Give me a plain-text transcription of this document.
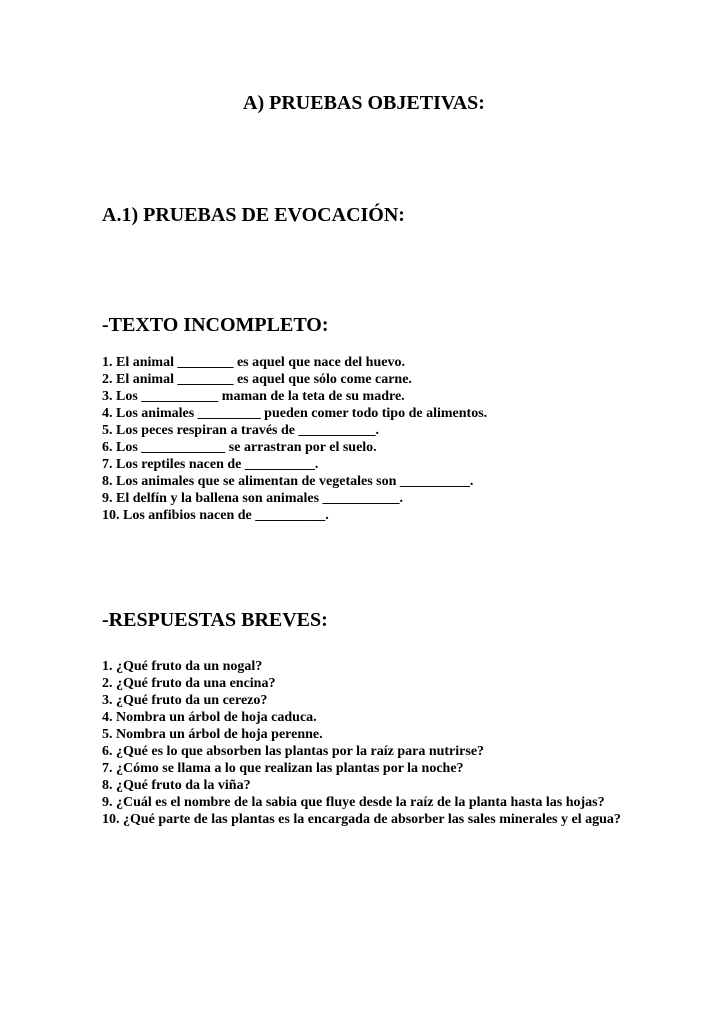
A) PRUEBAS OBJETIVAS:
A.1) PRUEBAS DE EVOCACIÓN:
-TEXTO INCOMPLETO:
1. El animal ________ es aquel que nace del huevo.
2. El animal ________ es aquel que sólo come carne.
3. Los ___________ maman de la teta de su madre.
4. Los animales _________ pueden comer todo tipo de alimentos.
5. Los peces respiran a través de ___________.
6. Los ____________ se arrastran por el suelo.
7. Los reptiles nacen de __________.
8. Los animales que se alimentan de vegetales son __________.
9. El delfín y la ballena son animales ___________.
10. Los anfibios nacen de __________.
-RESPUESTAS BREVES:
1. ¿Qué fruto da un nogal?
2. ¿Qué fruto da una encina?
3. ¿Qué fruto da un cerezo?
4. Nombra un árbol de hoja caduca.
5. Nombra un árbol de hoja perenne.
6. ¿Qué es lo que absorben las plantas por la raíz para nutrirse?
7. ¿Cómo se llama a lo que realizan las plantas por la noche?
8. ¿Qué fruto da la viña?
9. ¿Cuál es el nombre de la sabia que fluye desde la raíz de la planta hasta las hojas?
10. ¿Qué parte de las plantas es la encargada de absorber las sales minerales y el agua?
